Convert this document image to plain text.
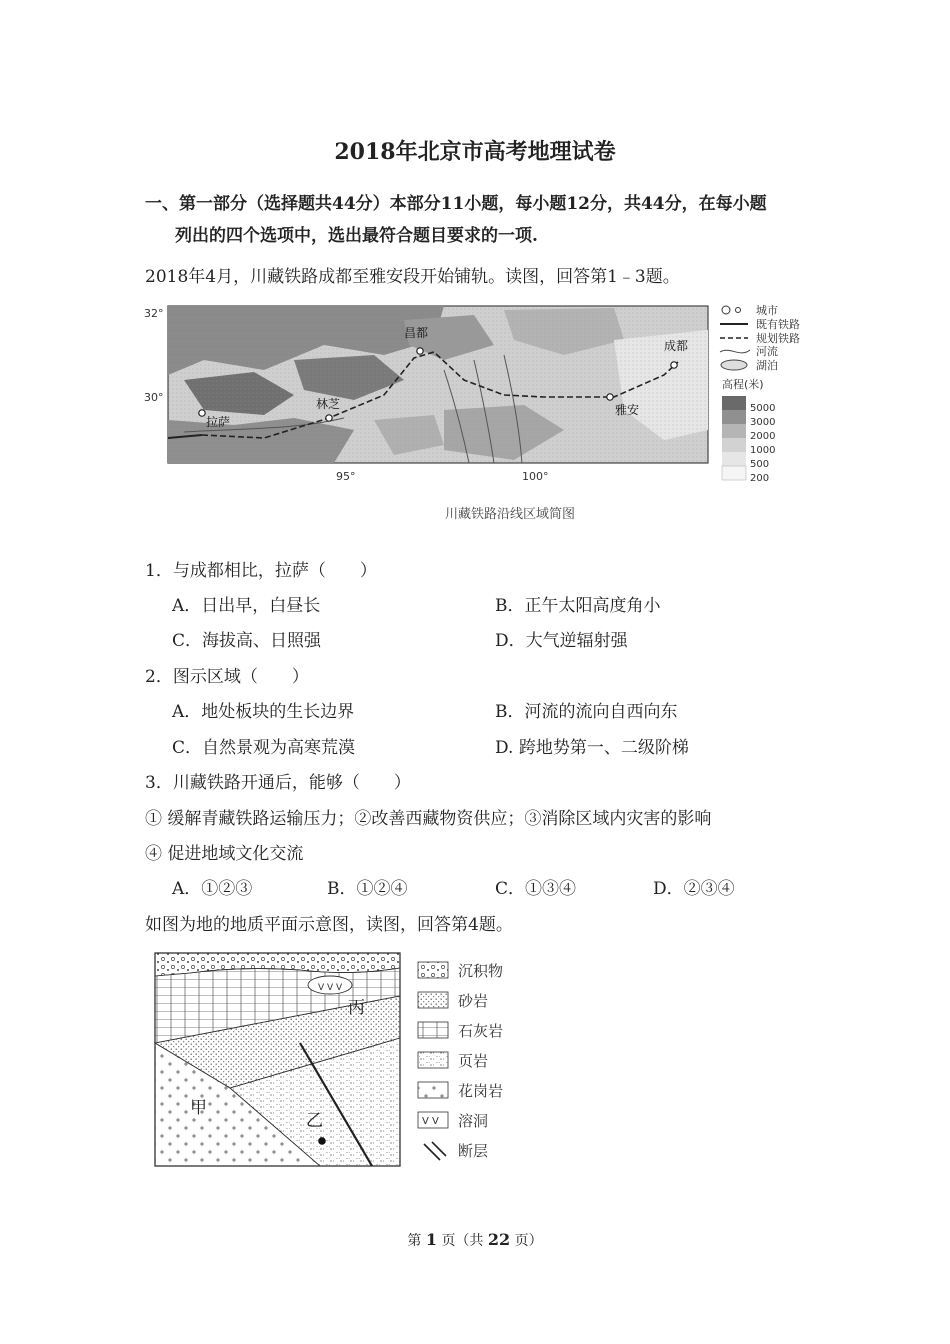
2018年北京市高考地理试卷
一、第一部分（选择题共44分）本部分11小题，每小题12分，共44分，在每小题
列出的四个选项中，选出最符合题目要求的一项.
2018年4月，川藏铁路成都至雅安段开始铺轨。读图，回答第1﹣3题。
昌都
成都
林芝
拉萨
雅安
32°
30°
95°	100°
城市
既有铁路
规划铁路
河流
湖泊
高程(米)
5000
3000
2000
1000
500
200
川藏铁路沿线区域简图
1．与成都相比，拉萨（　　）
A．日出早，白昼长	B．正午太阳高度角小
C．海拔高、日照强	D．大气逆辐射强
2．图示区域（　　）
A．地处板块的生长边界	B．河流的流向自西向东
C．自然景观为高寒荒漠	D. 跨地势第一、二级阶梯
3．川藏铁路开通后，能够（　　）
① 缓解青藏铁路运输压力；②改善西藏物资供应；③消除区域内灾害的影响
④ 促进地域文化交流
A．①②③	B．①②④	C．①③④	D．②③④
如图为地的地质平面示意图，读图，回答第4题。
V V V
丙
甲
乙
沉积物
砂岩
石灰岩
页岩
花岗岩
V V 溶洞
断层
第 1 页（共 22 页）
